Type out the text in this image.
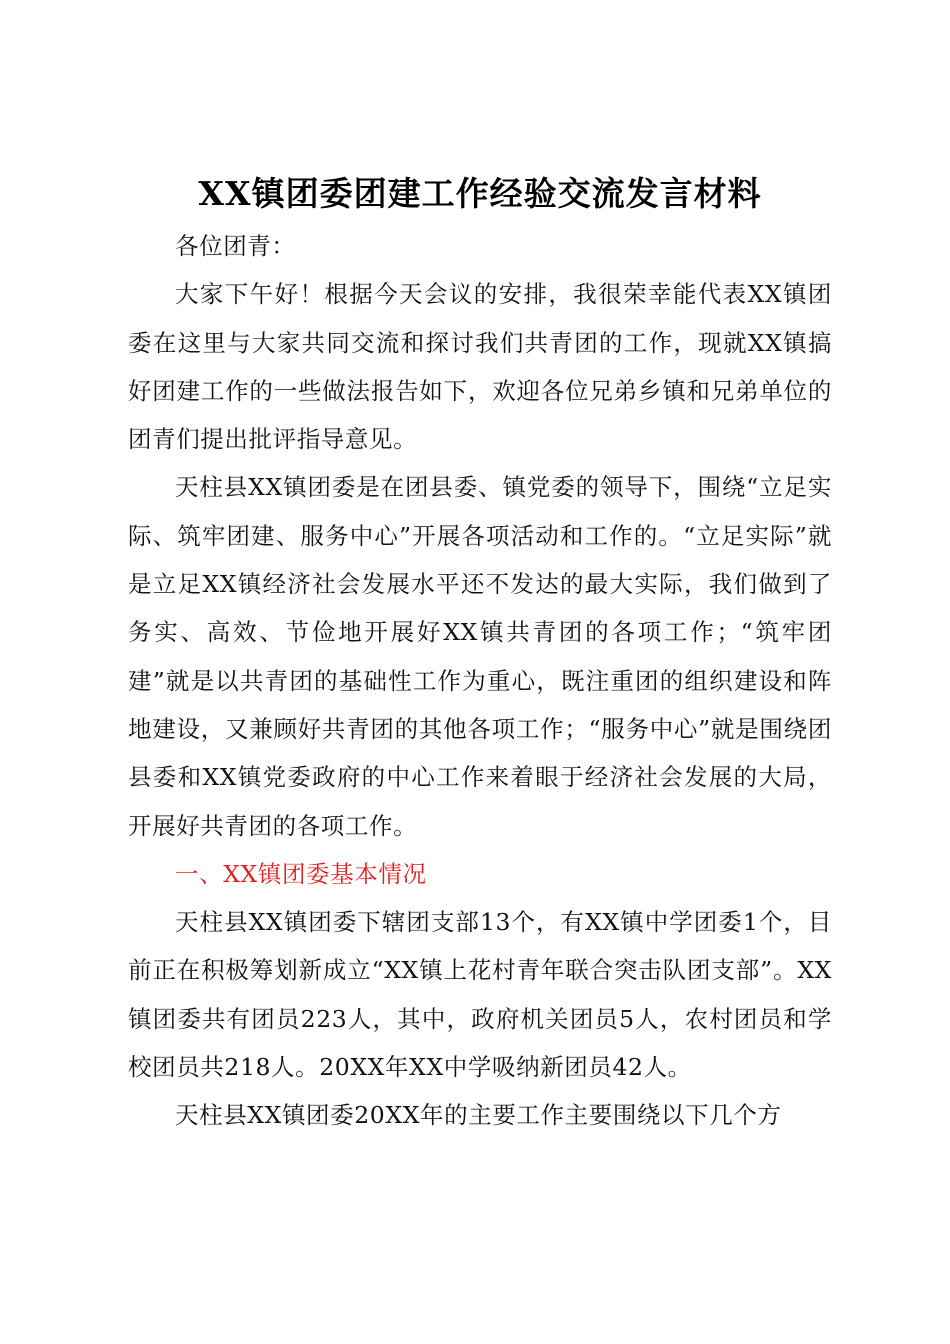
XX镇团委团建工作经验交流发言材料

各位团青：

大家下午好！根据今天会议的安排，我很荣幸能代表XX镇团委在这里与大家共同交流和探讨我们共青团的工作，现就XX镇搞好团建工作的一些做法报告如下，欢迎各位兄弟乡镇和兄弟单位的团青们提出批评指导意见。

天柱县XX镇团委是在团县委、镇党委的领导下，围绕“立足实际、筑牢团建、服务中心”开展各项活动和工作的。“立足实际”就是立足XX镇经济社会发展水平还不发达的最大实际，我们做到了务实、高效、节俭地开展好XX镇共青团的各项工作；“筑牢团建”就是以共青团的基础性工作为重心，既注重团的组织建设和阵地建设，又兼顾好共青团的其他各项工作；“服务中心”就是围绕团县委和XX镇党委政府的中心工作来着眼于经济社会发展的大局，开展好共青团的各项工作。

一、XX镇团委基本情况

天柱县XX镇团委下辖团支部13个，有XX镇中学团委1个，目前正在积极筹划新成立“XX镇上花村青年联合突击队团支部”。XX镇团委共有团员223人，其中，政府机关团员5人，农村团员和学校团员共218人。20XX年XX中学吸纳新团员42人。

天柱县XX镇团委20XX年的主要工作主要围绕以下几个方
